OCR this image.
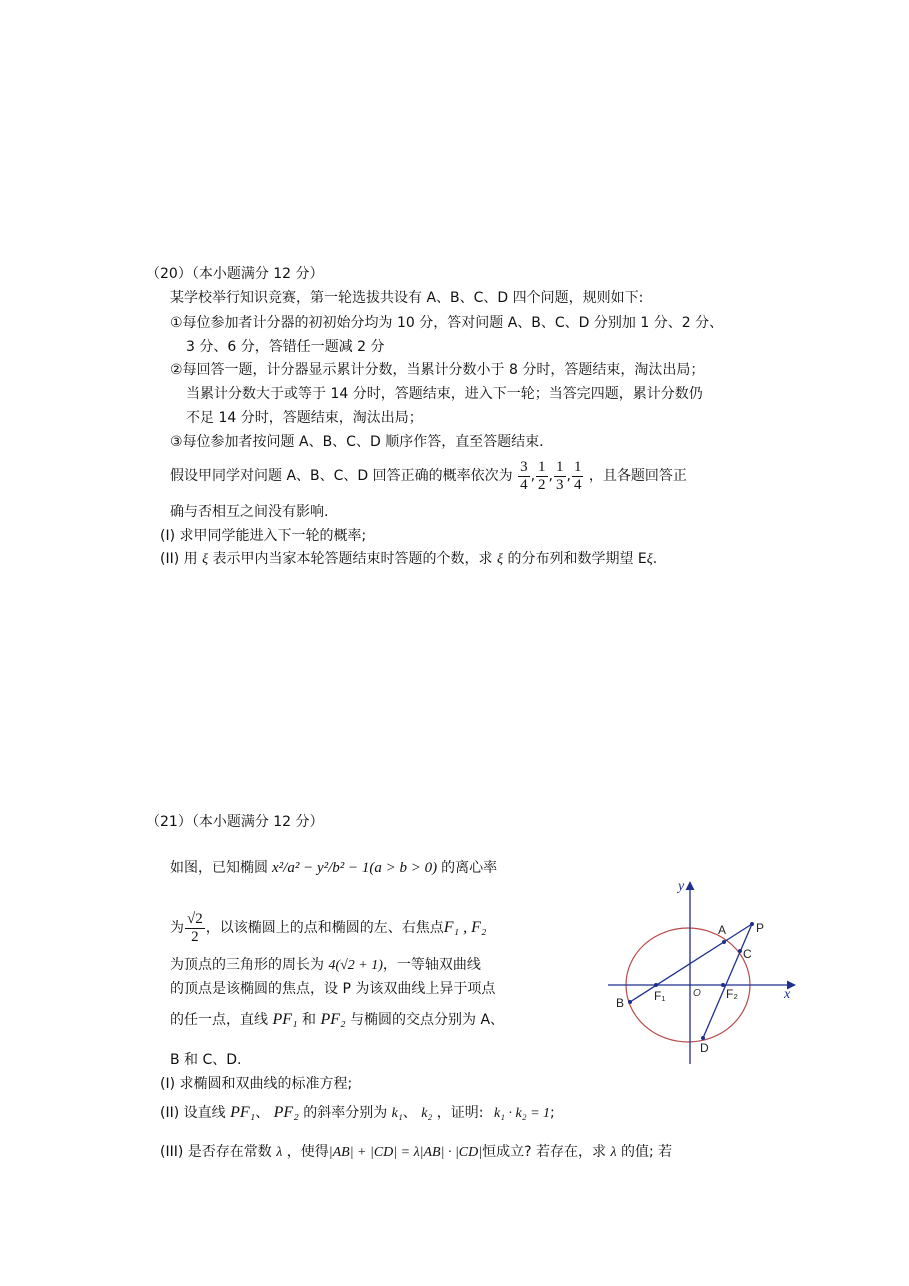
（20）（本小题满分 12 分）
某学校举行知识竞赛，第一轮选拔共设有 A、B、C、D 四个问题，规则如下:
①每位参加者计分器的初初始分均为 10 分，答对问题 A、B、C、D 分别加 1 分、2 分、
3 分、6 分，答错任一题减 2 分
②每回答一题，计分器显示累计分数，当累计分数小于 8 分时，答题结束，淘汰出局；
当累计分数大于或等于 14 分时，答题结束，进入下一轮；当答完四题，累计分数仍
不足 14 分时，答题结束，淘汰出局；
③每位参加者按问题 A、B、C、D 顺序作答，直至答题结束.
假设甲同学对问题 A、B、C、D 回答正确的概率依次为 $\frac{3}{4}$ , $\frac{1}{2}$ , $\frac{1}{3}$ , $\frac{1}{4}$ ，且各题回答正
确与否相互之间没有影响.
(I) 求甲同学能进入下一轮的概率;
(II) 用 ξ 表示甲内当家本轮答题结束时答题的个数，求 ξ 的分布列和数学期望 Eξ.
（21）（本小题满分 12 分）
如图，已知椭圆 x²/a² − y²/b² − 1(a > b > 0) 的离心率
为 $\frac{√2}{2}$ ，以该椭圆上的点和椭圆的左、右焦点F₁ , F₂
为顶点的三角形的周长为 4(√2 + 1)，一等轴双曲线
的顶点是该椭圆的焦点，设 P 为该双曲线上异于项点
的任一点，直线 PF₁ 和 PF₂ 与椭圆的交点分别为 A、
B 和 C、D.
(I) 求椭圆和双曲线的标准方程;
(II) 设直线 PF₁、 PF₂ 的斜率分别为 k₁、 k₂ ，证明: k₁ · k₂ = 1;
(III) 是否存在常数 λ ，使得|AB| + |CD| = λ|AB| · |CD|恒成立? 若存在，求 λ 的值; 若
y
x
O
A P
C
B F₁	F₂
D
